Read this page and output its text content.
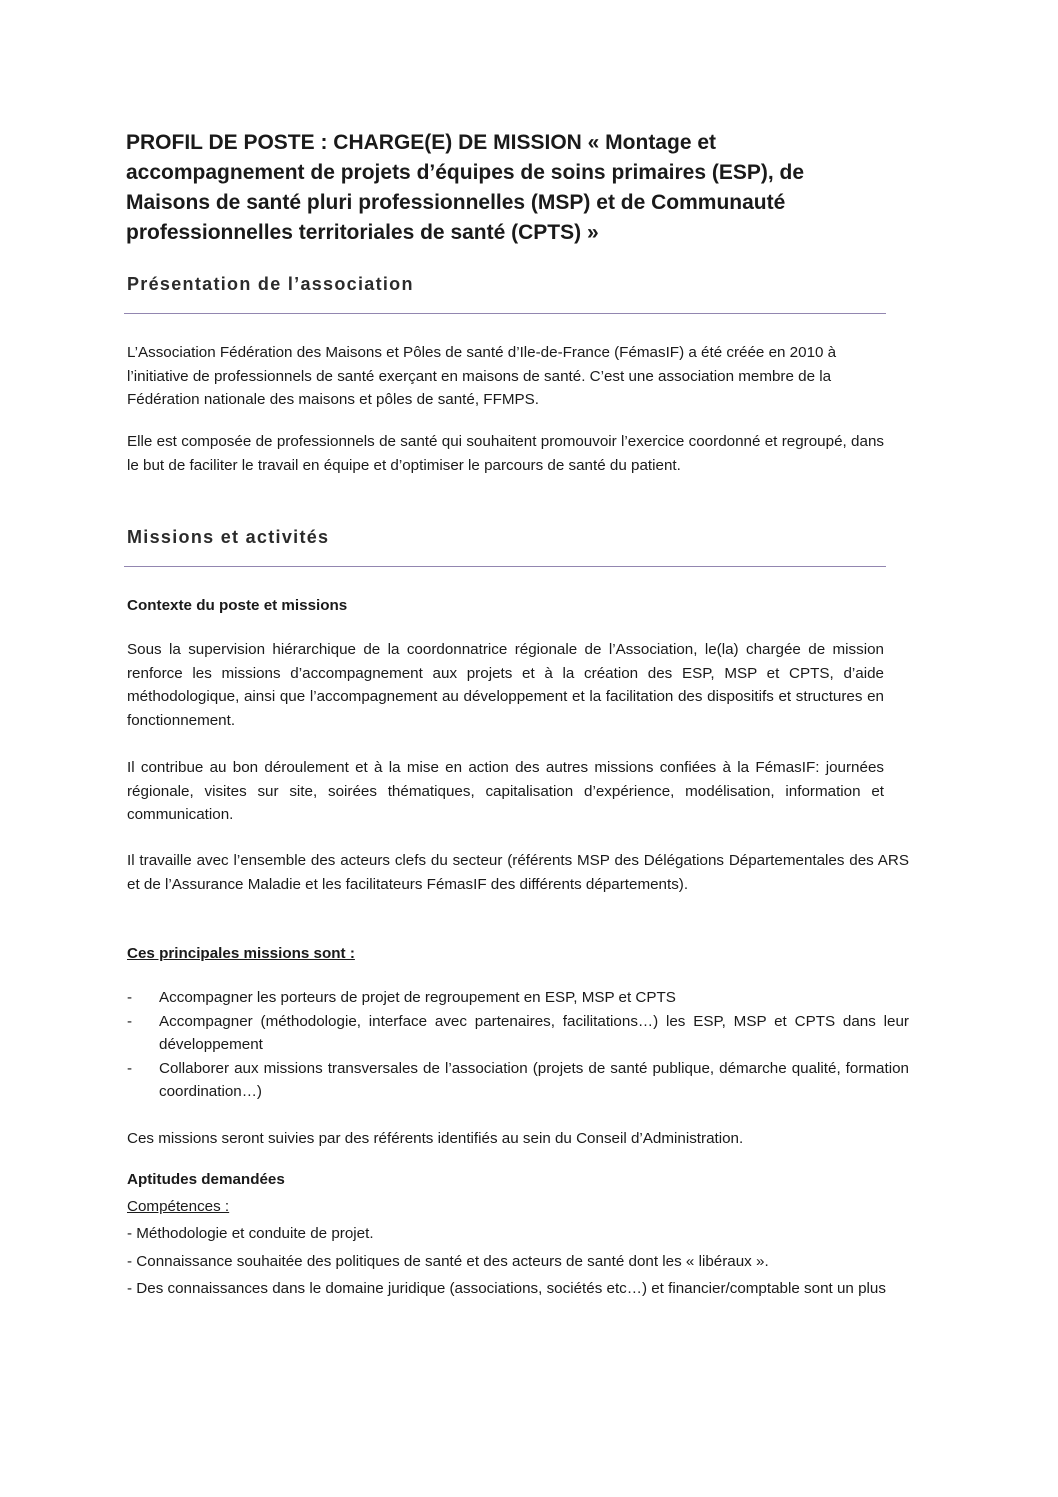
PROFIL DE POSTE : CHARGE(E) DE MISSION « Montage et accompagnement de projets d’équipes de soins primaires (ESP), de Maisons de santé pluri professionnelles (MSP) et de Communauté professionnelles territoriales de santé (CPTS) »
Présentation de l’association

L’Association Fédération des Maisons et Pôles de santé d’Ile-de-France (FémasIF) a été créée en 2010 à l’initiative de professionnels de santé exerçant en maisons de santé. C’est une association membre de la Fédération nationale des maisons et pôles de santé, FFMPS.

Elle est composée de professionnels de santé qui souhaitent promouvoir l’exercice coordonné et regroupé, dans le but de faciliter le travail en équipe et d’optimiser le parcours de santé du patient.

Missions et activités

Contexte du poste et missions

Sous la supervision hiérarchique de la coordonnatrice régionale de l’Association, le(la) chargée de mission renforce les missions d’accompagnement aux projets et à la création des ESP, MSP et CPTS, d’aide méthodologique, ainsi que l’accompagnement au développement et la facilitation des dispositifs et structures en fonctionnement.

Il contribue au bon déroulement et à la mise en action des autres missions confiées à la FémasIF: journées régionale, visites sur site, soirées thématiques, capitalisation d’expérience, modélisation, information et communication.

Il travaille avec l’ensemble des acteurs clefs du secteur (référents MSP des Délégations Départementales des ARS et de l’Assurance Maladie et les facilitateurs FémasIF des différents départements).

Ces principales missions sont :

- Accompagner les porteurs de projet de regroupement en ESP, MSP et CPTS
- Accompagner (méthodologie, interface avec partenaires, facilitations…) les ESP, MSP et CPTS dans leur développement
- Collaborer aux missions transversales de l’association (projets de santé publique, démarche qualité, formation coordination…)

Ces missions seront suivies par des référents identifiés au sein du Conseil d’Administration.

Aptitudes demandées

Compétences :

- Méthodologie et conduite de projet.
- Connaissance souhaitée des politiques de santé et des acteurs de santé dont les « libéraux ».
- Des connaissances dans le domaine juridique (associations, sociétés etc…) et financier/comptable sont un plus
